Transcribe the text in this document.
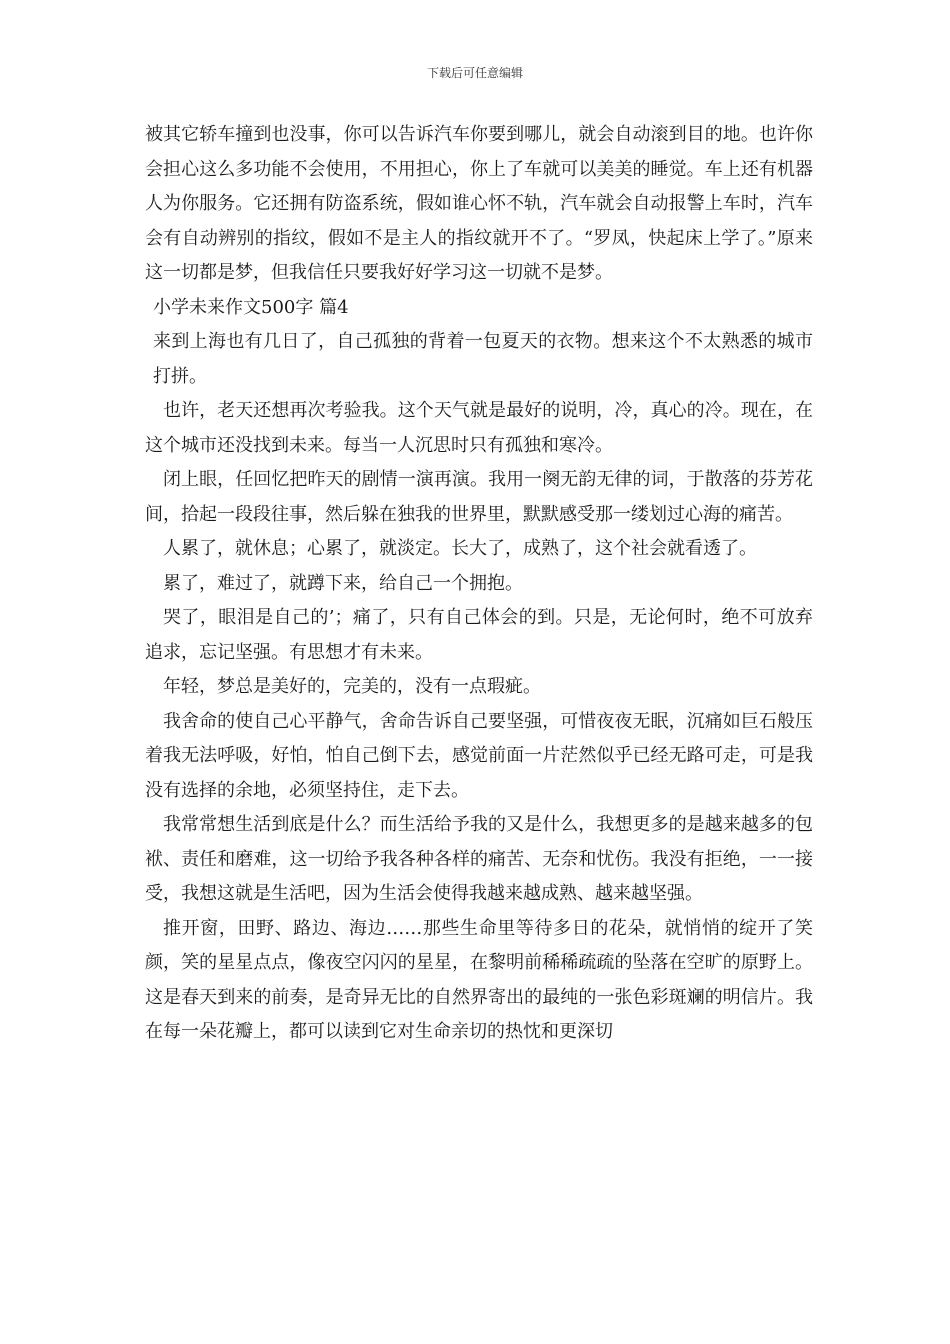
下载后可任意编辑

被其它轿车撞到也没事，你可以告诉汽车你要到哪儿，就会自动滚到目的地。也许你会担心这么多功能不会使用，不用担心，你上了车就可以美美的睡觉。车上还有机器人为你服务。它还拥有防盗系统，假如谁心怀不轨，汽车就会自动报警上车时，汽车会有自动辨别的指纹，假如不是主人的指纹就开不了。“罗凤，快起床上学了。”原来这一切都是梦，但我信任只要我好好学习这一切就不是梦。

小学未来作文500字 篇4

来到上海也有几日了，自己孤独的背着一包夏天的衣物。想来这个不太熟悉的城市打拼。

也许，老天还想再次考验我。这个天气就是最好的说明，冷，真心的冷。现在，在这个城市还没找到未来。每当一人沉思时只有孤独和寒冷。

闭上眼，任回忆把昨天的剧情一演再演。我用一阕无韵无律的词，于散落的芬芳花间，拾起一段段往事，然后躲在独我的世界里，默默感受那一缕划过心海的痛苦。

人累了，就休息；心累了，就淡定。长大了，成熟了，这个社会就看透了。

累了，难过了，就蹲下来，给自己一个拥抱。

哭了，眼泪是自己的’；痛了，只有自己体会的到。只是，无论何时，绝不可放弃追求，忘记坚强。有思想才有未来。

年轻，梦总是美好的，完美的，没有一点瑕疵。

我舍命的使自己心平静气，舍命告诉自己要坚强，可惜夜夜无眠，沉痛如巨石般压着我无法呼吸，好怕，怕自己倒下去，感觉前面一片茫然似乎已经无路可走，可是我没有选择的余地，必须坚持住，走下去。

我常常想生活到底是什么？而生活给予我的又是什么，我想更多的是越来越多的包袱、责任和磨难，这一切给予我各种各样的痛苦、无奈和忧伤。我没有拒绝，一一接受，我想这就是生活吧，因为生活会使得我越来越成熟、越来越坚强。

推开窗，田野、路边、海边……那些生命里等待多日的花朵，就悄悄的绽开了笑颜，笑的星星点点，像夜空闪闪的星星，在黎明前稀稀疏疏的坠落在空旷的原野上。这是春天到来的前奏，是奇异无比的自然界寄出的最纯的一张色彩斑斓的明信片。我在每一朵花瓣上，都可以读到它对生命亲切的热忱和更深切
